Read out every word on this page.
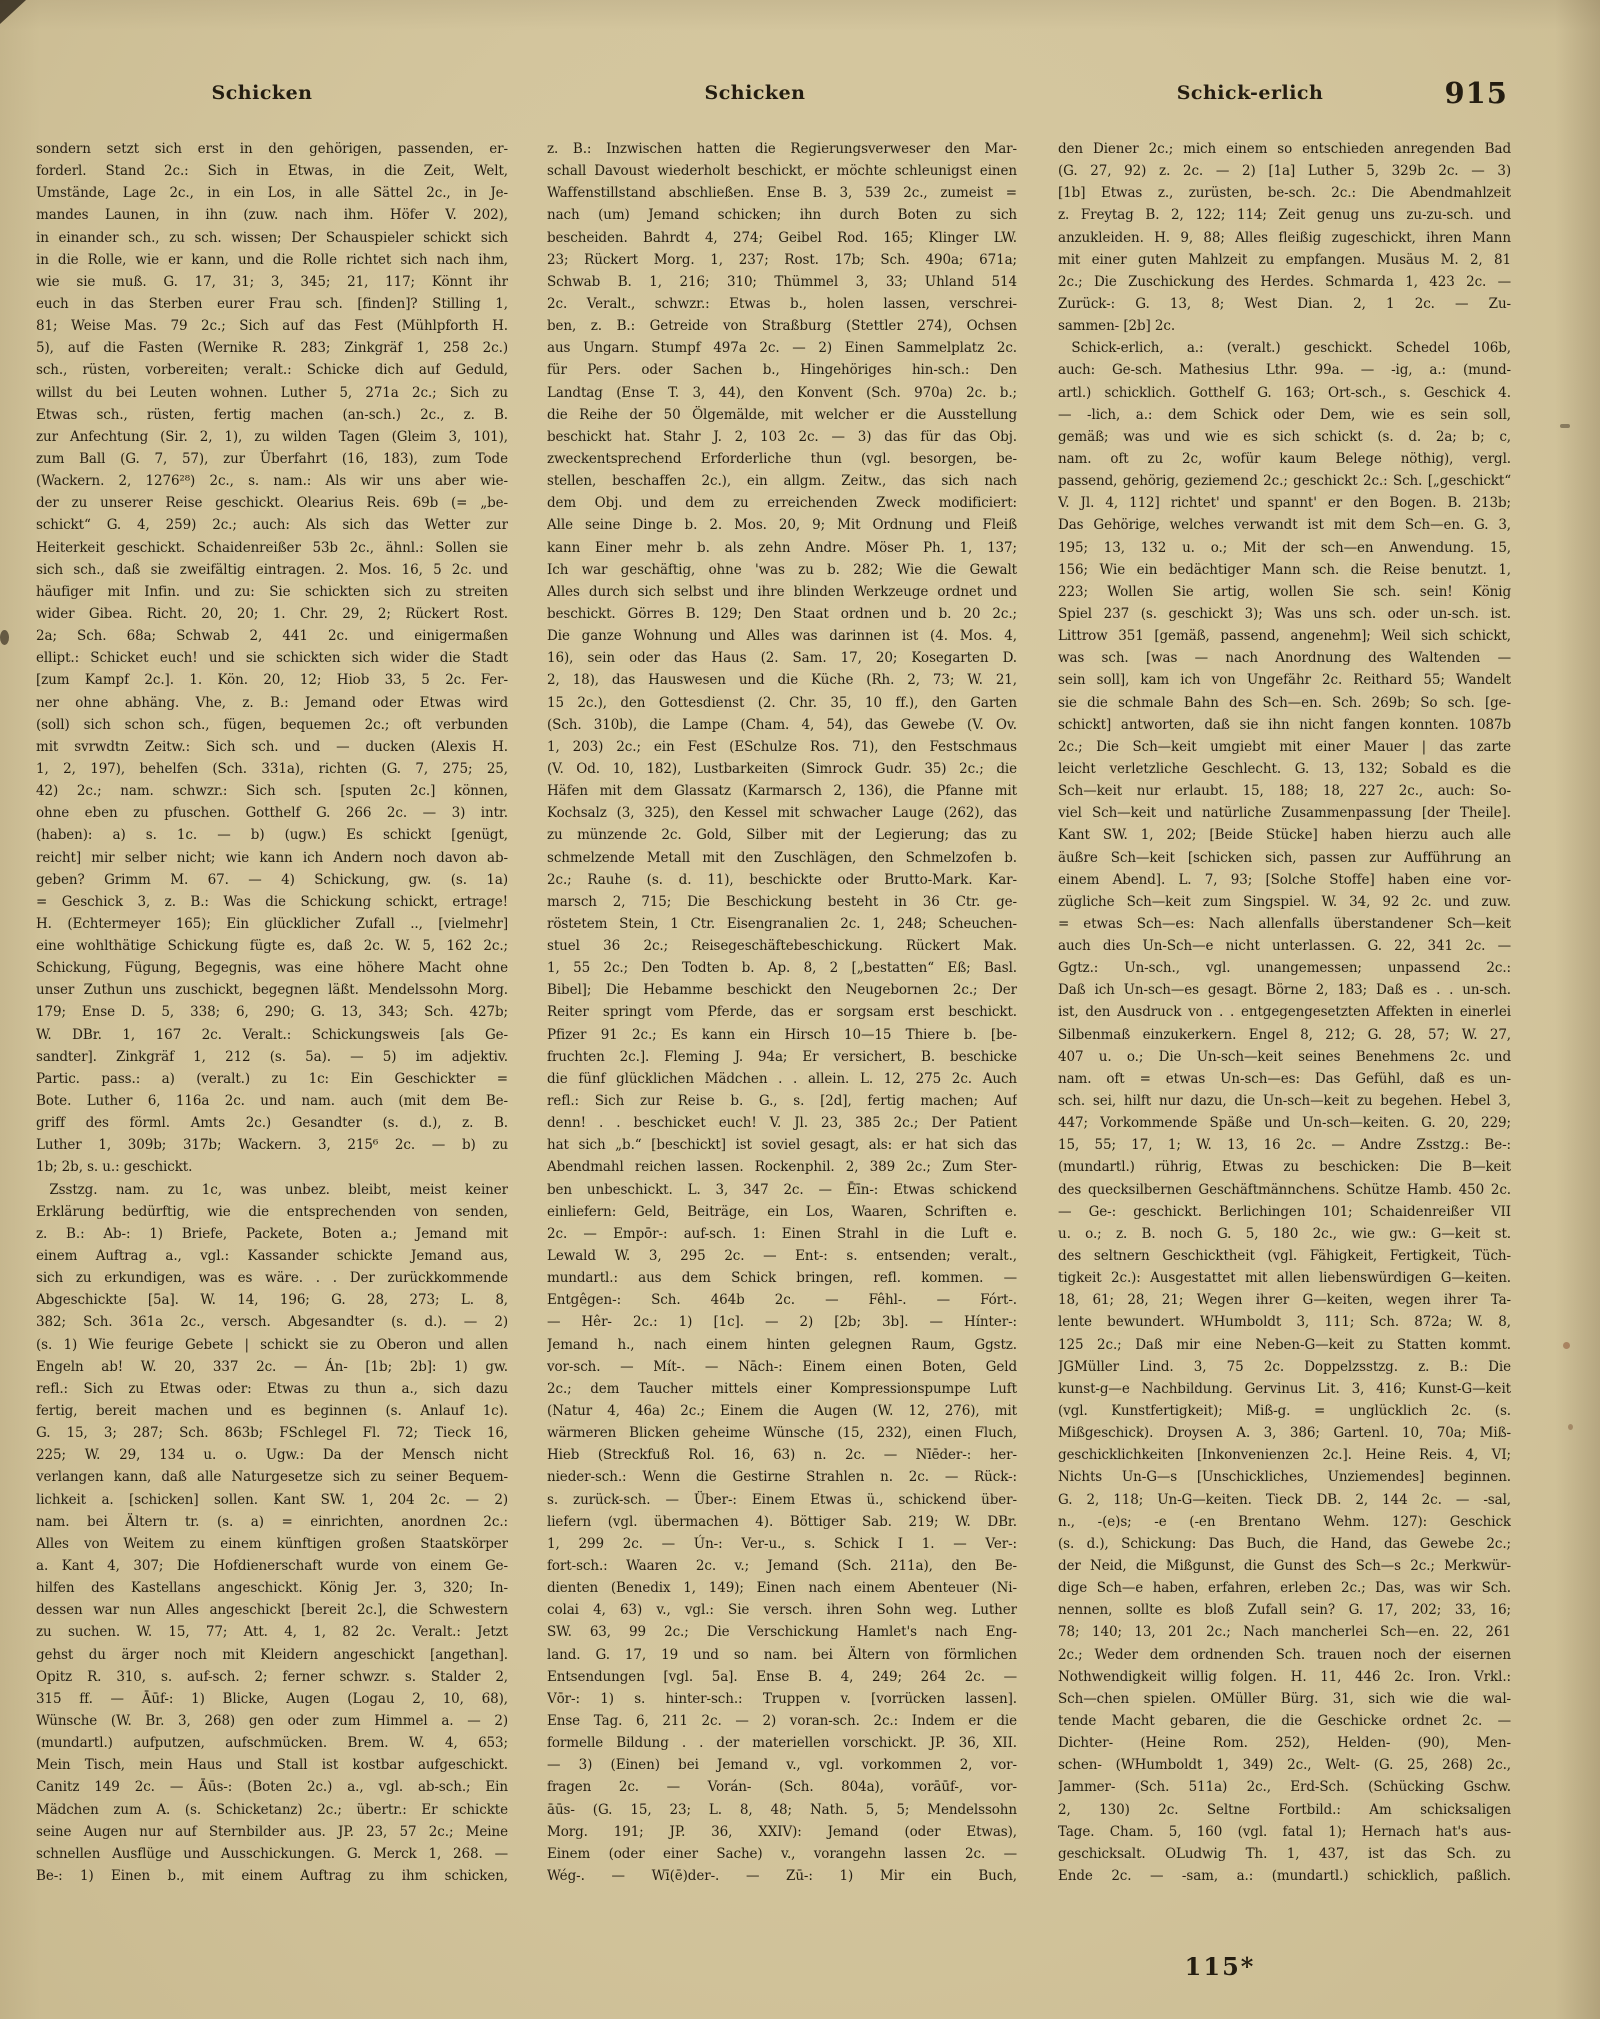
Schicken	Schicken	Schick-erlich	915
sondern setzt sich erst in den gehörigen, passenden, er-
forderl. Stand 2c.: Sich in Etwas, in die Zeit, Welt,
Umstände, Lage 2c., in ein Los, in alle Sättel 2c., in Je-
mandes Launen, in ihn (zuw. nach ihm. Höfer V. 202),
in einander sch., zu sch. wissen; Der Schauspieler schickt sich
in die Rolle, wie er kann, und die Rolle richtet sich nach ihm,
wie sie muß. G. 17, 31; 3, 345; 21, 117; Könnt ihr
euch in das Sterben eurer Frau sch. [finden]? Stilling 1,
81; Weise Mas. 79 2c.; Sich auf das Fest (Mühlpforth H.
5), auf die Fasten (Wernike R. 283; Zinkgräf 1, 258 2c.)
sch., rüsten, vorbereiten; veralt.: Schicke dich auf Geduld,
willst du bei Leuten wohnen. Luther 5, 271a 2c.; Sich zu
Etwas sch., rüsten, fertig machen (an-sch.) 2c., z. B.
zur Anfechtung (Sir. 2, 1), zu wilden Tagen (Gleim 3, 101),
zum Ball (G. 7, 57), zur Überfahrt (16, 183), zum Tode
(Wackern. 2, 1276²⁸) 2c., s. nam.: Als wir uns aber wie-
der zu unserer Reise geschickt. Olearius Reis. 69b (= „be-
schickt“ G. 4, 259) 2c.; auch: Als sich das Wetter zur
Heiterkeit geschickt. Schaidenreißer 53b 2c., ähnl.: Sollen sie
sich sch., daß sie zweifältig eintragen. 2. Mos. 16, 5 2c. und
häufiger mit Infin. und zu: Sie schickten sich zu streiten
wider Gibea. Richt. 20, 20; 1. Chr. 29, 2; Rückert Rost.
2a; Sch. 68a; Schwab 2, 441 2c. und einigermaßen
ellipt.: Schicket euch! und sie schickten sich wider die Stadt
[zum Kampf 2c.]. 1. Kön. 20, 12; Hiob 33, 5 2c. Fer-
ner ohne abhäng. Vhe, z. B.: Jemand oder Etwas wird
(soll) sich schon sch., fügen, bequemen 2c.; oft verbunden
mit svrwdtn Zeitw.: Sich sch. und — ducken (Alexis H.
1, 2, 197), behelfen (Sch. 331a), richten (G. 7, 275; 25,
42) 2c.; nam. schwzr.: Sich sch. [sputen 2c.] können,
ohne eben zu pfuschen. Gotthelf G. 266 2c. — 3) intr.
(haben): a) s. 1c. — b) (ugw.) Es schickt [genügt,
reicht] mir selber nicht; wie kann ich Andern noch davon ab-
geben? Grimm M. 67. — 4) Schickung, gw. (s. 1a)
= Geschick 3, z. B.: Was die Schickung schickt, ertrage!
H. (Echtermeyer 165); Ein glücklicher Zufall .., [vielmehr]
eine wohlthätige Schickung fügte es, daß 2c. W. 5, 162 2c.;
Schickung, Fügung, Begegnis, was eine höhere Macht ohne
unser Zuthun uns zuschickt, begegnen läßt. Mendelssohn Morg.
179; Ense D. 5, 338; 6, 290; G. 13, 343; Sch. 427b;
W. DBr. 1, 167 2c. Veralt.: Schickungsweis [als Ge-
sandter]. Zinkgräf 1, 212 (s. 5a). — 5) im adjektiv.
Partic. pass.: a) (veralt.) zu 1c: Ein Geschickter =
Bote. Luther 6, 116a 2c. und nam. auch (mit dem Be-
griff des förml. Amts 2c.) Gesandter (s. d.), z. B.
Luther 1, 309b; 317b; Wackern. 3, 215⁶ 2c. — b) zu
1b; 2b, s. u.: geschickt.
 Zsstzg. nam. zu 1c, was unbez. bleibt, meist keiner
Erklärung bedürftig, wie die entsprechenden von senden,
z. B.: Ab-: 1) Briefe, Packete, Boten a.; Jemand mit
einem Auftrag a., vgl.: Kassander schickte Jemand aus,
sich zu erkundigen, was es wäre. . . Der zurückkommende
Abgeschickte [5a]. W. 14, 196; G. 28, 273; L. 8,
382; Sch. 361a 2c., versch. Abgesandter (s. d.). — 2)
(s. 1) Wie feurige Gebete | schickt sie zu Oberon und allen
Engeln ab! W. 20, 337 2c. — Án- [1b; 2b]: 1) gw.
refl.: Sich zu Etwas oder: Etwas zu thun a., sich dazu
fertig, bereit machen und es beginnen (s. Anlauf 1c).
G. 15, 3; 287; Sch. 863b; FSchlegel Fl. 72; Tieck 16,
225; W. 29, 134 u. o. Ugw.: Da der Mensch nicht
verlangen kann, daß alle Naturgesetze sich zu seiner Bequem-
lichkeit a. [schicken] sollen. Kant SW. 1, 204 2c. — 2)
nam. bei Ältern tr. (s. a) = einrichten, anordnen 2c.:
Alles von Weitem zu einem künftigen großen Staatskörper
a. Kant 4, 307; Die Hofdienerschaft wurde von einem Ge-
hilfen des Kastellans angeschickt. König Jer. 3, 320; In-
dessen war nun Alles angeschickt [bereit 2c.], die Schwestern
zu suchen. W. 15, 77; Att. 4, 1, 82 2c. Veralt.: Jetzt
gehst du ärger noch mit Kleidern angeschickt [angethan].
Opitz R. 310, s. auf-sch. 2; ferner schwzr. s. Stalder 2,
315 ff. — Āūf-: 1) Blicke, Augen (Logau 2, 10, 68),
Wünsche (W. Br. 3, 268) gen oder zum Himmel a. — 2)
(mundartl.) aufputzen, aufschmücken. Brem. W. 4, 653;
Mein Tisch, mein Haus und Stall ist kostbar aufgeschickt.
Canitz 149 2c. — Āūs-: (Boten 2c.) a., vgl. ab-sch.; Ein
Mädchen zum A. (s. Schicketanz) 2c.; übertr.: Er schickte
seine Augen nur auf Sternbilder aus. JP. 23, 57 2c.; Meine
schnellen Ausflüge und Ausschickungen. G. Merck 1, 268. —
Be-: 1) Einen b., mit einem Auftrag zu ihm schicken,
z. B.: Inzwischen hatten die Regierungsverweser den Mar-
schall Davoust wiederholt beschickt, er möchte schleunigst einen
Waffenstillstand abschließen. Ense B. 3, 539 2c., zumeist =
nach (um) Jemand schicken; ihn durch Boten zu sich
bescheiden. Bahrdt 4, 274; Geibel Rod. 165; Klinger LW.
23; Rückert Morg. 1, 237; Rost. 17b; Sch. 490a; 671a;
Schwab B. 1, 216; 310; Thümmel 3, 33; Uhland 514
2c. Veralt., schwzr.: Etwas b., holen lassen, verschrei-
ben, z. B.: Getreide von Straßburg (Stettler 274), Ochsen
aus Ungarn. Stumpf 497a 2c. — 2) Einen Sammelplatz 2c.
für Pers. oder Sachen b., Hingehöriges hin-sch.: Den
Landtag (Ense T. 3, 44), den Konvent (Sch. 970a) 2c. b.;
die Reihe der 50 Ölgemälde, mit welcher er die Ausstellung
beschickt hat. Stahr J. 2, 103 2c. — 3) das für das Obj.
zweckentsprechend Erforderliche thun (vgl. besorgen, be-
stellen, beschaffen 2c.), ein allgm. Zeitw., das sich nach
dem Obj. und dem zu erreichenden Zweck modificiert:
Alle seine Dinge b. 2. Mos. 20, 9; Mit Ordnung und Fleiß
kann Einer mehr b. als zehn Andre. Möser Ph. 1, 137;
Ich war geschäftig, ohne 'was zu b. 282; Wie die Gewalt
Alles durch sich selbst und ihre blinden Werkzeuge ordnet und
beschickt. Görres B. 129; Den Staat ordnen und b. 20 2c.;
Die ganze Wohnung und Alles was darinnen ist (4. Mos. 4,
16), sein oder das Haus (2. Sam. 17, 20; Kosegarten D.
2, 18), das Hauswesen und die Küche (Rh. 2, 73; W. 21,
15 2c.), den Gottesdienst (2. Chr. 35, 10 ff.), den Garten
(Sch. 310b), die Lampe (Cham. 4, 54), das Gewebe (V. Ov.
1, 203) 2c.; ein Fest (ESchulze Ros. 71), den Festschmaus
(V. Od. 10, 182), Lustbarkeiten (Simrock Gudr. 35) 2c.; die
Häfen mit dem Glassatz (Karmarsch 2, 136), die Pfanne mit
Kochsalz (3, 325), den Kessel mit schwacher Lauge (262), das
zu münzende 2c. Gold, Silber mit der Legierung; das zu
schmelzende Metall mit den Zuschlägen, den Schmelzofen b.
2c.; Rauhe (s. d. 11), beschickte oder Brutto-Mark. Kar-
marsch 2, 715; Die Beschickung besteht in 36 Ctr. ge-
röstetem Stein, 1 Ctr. Eisengranalien 2c. 1, 248; Scheuchen-
stuel 36 2c.; Reisegeschäftebeschickung. Rückert Mak.
1, 55 2c.; Den Todten b. Ap. 8, 2 [„bestatten“ Eß; Basl.
Bibel]; Die Hebamme beschickt den Neugebornen 2c.; Der
Reiter springt vom Pferde, das er sorgsam erst beschickt.
Pfizer 91 2c.; Es kann ein Hirsch 10—15 Thiere b. [be-
fruchten 2c.]. Fleming J. 94a; Er versichert, B. beschicke
die fünf glücklichen Mädchen . . allein. L. 12, 275 2c. Auch
refl.: Sich zur Reise b. G., s. [2d], fertig machen; Auf
denn! . . beschicket euch! V. Jl. 23, 385 2c.; Der Patient
hat sich „b.“ [beschickt] ist soviel gesagt, als: er hat sich das
Abendmahl reichen lassen. Rockenphil. 2, 389 2c.; Zum Ster-
ben unbeschickt. L. 3, 347 2c. — Ēīn-: Etwas schickend
einliefern: Geld, Beiträge, ein Los, Waaren, Schriften e.
2c. — Empōr-: auf-sch. 1: Einen Strahl in die Luft e.
Lewald W. 3, 295 2c. — Ent-: s. entsenden; veralt.,
mundartl.: aus dem Schick bringen, refl. kommen. —
Entgêgen-: Sch. 464b 2c. — Fêhl-. — Fórt-.
— Hêr- 2c.: 1) [1c]. — 2) [2b; 3b]. — Hínter-:
Jemand h., nach einem hinten gelegnen Raum, Ggstz.
vor-sch. — Mít-. — Nāch-: Einem einen Boten, Geld
2c.; dem Taucher mittels einer Kompressionspumpe Luft
(Natur 4, 46a) 2c.; Einem die Augen (W. 12, 276), mit
wärmeren Blicken geheime Wünsche (15, 232), einen Fluch,
Hieb (Streckfuß Rol. 16, 63) n. 2c. — Nīēder-: her-
nieder-sch.: Wenn die Gestirne Strahlen n. 2c. — Rück-:
s. zurück-sch. — Über-: Einem Etwas ü., schickend über-
liefern (vgl. übermachen 4). Böttiger Sab. 219; W. DBr.
1, 299 2c. — Ún-: Ver-u., s. Schick I 1. — Ver-:
fort-sch.: Waaren 2c. v.; Jemand (Sch. 211a), den Be-
dienten (Benedix 1, 149); Einen nach einem Abenteuer (Ni-
colai 4, 63) v., vgl.: Sie versch. ihren Sohn weg. Luther
SW. 63, 99 2c.; Die Verschickung Hamlet's nach Eng-
land. G. 17, 19 und so nam. bei Ältern von förmlichen
Entsendungen [vgl. 5a]. Ense B. 4, 249; 264 2c. —
Vōr-: 1) s. hinter-sch.: Truppen v. [vorrücken lassen].
Ense Tag. 6, 211 2c. — 2) voran-sch. 2c.: Indem er die
formelle Bildung . . der materiellen vorschickt. JP. 36, XII.
— 3) (Einen) bei Jemand v., vgl. vorkommen 2, vor-
fragen 2c. — Vorán- (Sch. 804a), vorāūf-, vor-
āūs- (G. 15, 23; L. 8, 48; Nath. 5, 5; Mendelssohn
Morg. 191; JP. 36, XXIV): Jemand (oder Etwas),
Einem (oder einer Sache) v., vorangehn lassen 2c. —
Wég-. — Wī(ē)der-. — Zū-: 1) Mir ein Buch,
den Diener 2c.; mich einem so entschieden anregenden Bad
(G. 27, 92) z. 2c. — 2) [1a] Luther 5, 329b 2c. — 3)
[1b] Etwas z., zurüsten, be-sch. 2c.: Die Abendmahlzeit
z. Freytag B. 2, 122; 114; Zeit genug uns zu-zu-sch. und
anzukleiden. H. 9, 88; Alles fleißig zugeschickt, ihren Mann
mit einer guten Mahlzeit zu empfangen. Musäus M. 2, 81
2c.; Die Zuschickung des Herdes. Schmarda 1, 423 2c. —
Zurück-: G. 13, 8; West Dian. 2, 1 2c. — Zu-
sammen- [2b] 2c.
 Schick-erlich, a.: (veralt.) geschickt. Schedel 106b,
auch: Ge-sch. Mathesius Lthr. 99a. — -ig, a.: (mund-
artl.) schicklich. Gotthelf G. 163; Ort-sch., s. Geschick 4.
— -lich, a.: dem Schick oder Dem, wie es sein soll,
gemäß; was und wie es sich schickt (s. d. 2a; b; c,
nam. oft zu 2c, wofür kaum Belege nöthig), vergl.
passend, gehörig, geziemend 2c.; geschickt 2c.: Sch. [„geschickt“
V. Jl. 4, 112] richtet' und spannt' er den Bogen. B. 213b;
Das Gehörige, welches verwandt ist mit dem Sch—en. G. 3,
195; 13, 132 u. o.; Mit der sch—en Anwendung. 15,
156; Wie ein bedächtiger Mann sch. die Reise benutzt. 1,
223; Wollen Sie artig, wollen Sie sch. sein! König
Spiel 237 (s. geschickt 3); Was uns sch. oder un-sch. ist.
Littrow 351 [gemäß, passend, angenehm]; Weil sich schickt,
was sch. [was — nach Anordnung des Waltenden —
sein soll], kam ich von Ungefähr 2c. Reithard 55; Wandelt
sie die schmale Bahn des Sch—en. Sch. 269b; So sch. [ge-
schickt] antworten, daß sie ihn nicht fangen konnten. 1087b
2c.; Die Sch—keit umgiebt mit einer Mauer | das zarte
leicht verletzliche Geschlecht. G. 13, 132; Sobald es die
Sch—keit nur erlaubt. 15, 188; 18, 227 2c., auch: So-
viel Sch—keit und natürliche Zusammenpassung [der Theile].
Kant SW. 1, 202; [Beide Stücke] haben hierzu auch alle
äußre Sch—keit [schicken sich, passen zur Aufführung an
einem Abend]. L. 7, 93; [Solche Stoffe] haben eine vor-
zügliche Sch—keit zum Singspiel. W. 34, 92 2c. und zuw.
= etwas Sch—es: Nach allenfalls überstandener Sch—keit
auch dies Un-Sch—e nicht unterlassen. G. 22, 341 2c. —
Ggtz.: Un-sch., vgl. unangemessen; unpassend 2c.:
Daß ich Un-sch—es gesagt. Börne 2, 183; Daß es . . un-sch.
ist, den Ausdruck von . . entgegengesetzten Affekten in einerlei
Silbenmaß einzukerkern. Engel 8, 212; G. 28, 57; W. 27,
407 u. o.; Die Un-sch—keit seines Benehmens 2c. und
nam. oft = etwas Un-sch—es: Das Gefühl, daß es un-
sch. sei, hilft nur dazu, die Un-sch—keit zu begehen. Hebel 3,
447; Vorkommende Späße und Un-sch—keiten. G. 20, 229;
15, 55; 17, 1; W. 13, 16 2c. — Andre Zsstzg.: Be-:
(mundartl.) rührig, Etwas zu beschicken: Die B—keit
des quecksilbernen Geschäftmännchens. Schütze Hamb. 450 2c.
— Ge-: geschickt. Berlichingen 101; Schaidenreißer VII
u. o.; z. B. noch G. 5, 180 2c., wie gw.: G—keit st.
des seltnern Geschicktheit (vgl. Fähigkeit, Fertigkeit, Tüch-
tigkeit 2c.): Ausgestattet mit allen liebenswürdigen G—keiten.
18, 61; 28, 21; Wegen ihrer G—keiten, wegen ihrer Ta-
lente bewundert. WHumboldt 3, 111; Sch. 872a; W. 8,
125 2c.; Daß mir eine Neben-G—keit zu Statten kommt.
JGMüller Lind. 3, 75 2c. Doppelzsstzg. z. B.: Die
kunst-g—e Nachbildung. Gervinus Lit. 3, 416; Kunst-G—keit
(vgl. Kunstfertigkeit); Miß-g. = unglücklich 2c. (s.
Mißgeschick). Droysen A. 3, 386; Gartenl. 10, 70a; Miß-
geschicklichkeiten [Inkonvenienzen 2c.]. Heine Reis. 4, VI;
Nichts Un-G—s [Unschickliches, Unziemendes] beginnen.
G. 2, 118; Un-G—keiten. Tieck DB. 2, 144 2c. — -sal,
n., -(e)s; -e (-en Brentano Wehm. 127): Geschick
(s. d.), Schickung: Das Buch, die Hand, das Gewebe 2c.;
der Neid, die Mißgunst, die Gunst des Sch—s 2c.; Merkwür-
dige Sch—e haben, erfahren, erleben 2c.; Das, was wir Sch.
nennen, sollte es bloß Zufall sein? G. 17, 202; 33, 16;
78; 140; 13, 201 2c.; Nach mancherlei Sch—en. 22, 261
2c.; Weder dem ordnenden Sch. trauen noch der eisernen
Nothwendigkeit willig folgen. H. 11, 446 2c. Iron. Vrkl.:
Sch—chen spielen. OMüller Bürg. 31, sich wie die wal-
tende Macht gebaren, die die Geschicke ordnet 2c. —
Dichter- (Heine Rom. 252), Helden- (90), Men-
schen- (WHumboldt 1, 349) 2c., Welt- (G. 25, 268) 2c.,
Jammer- (Sch. 511a) 2c., Erd-Sch. (Schücking Gschw.
2, 130) 2c. Seltne Fortbild.: Am schicksaligen
Tage. Cham. 5, 160 (vgl. fatal 1); Hernach hat's aus-
geschicksalt. OLudwig Th. 1, 437, ist das Sch. zu
Ende 2c. — -sam, a.: (mundartl.) schicklich, paßlich.
115*
